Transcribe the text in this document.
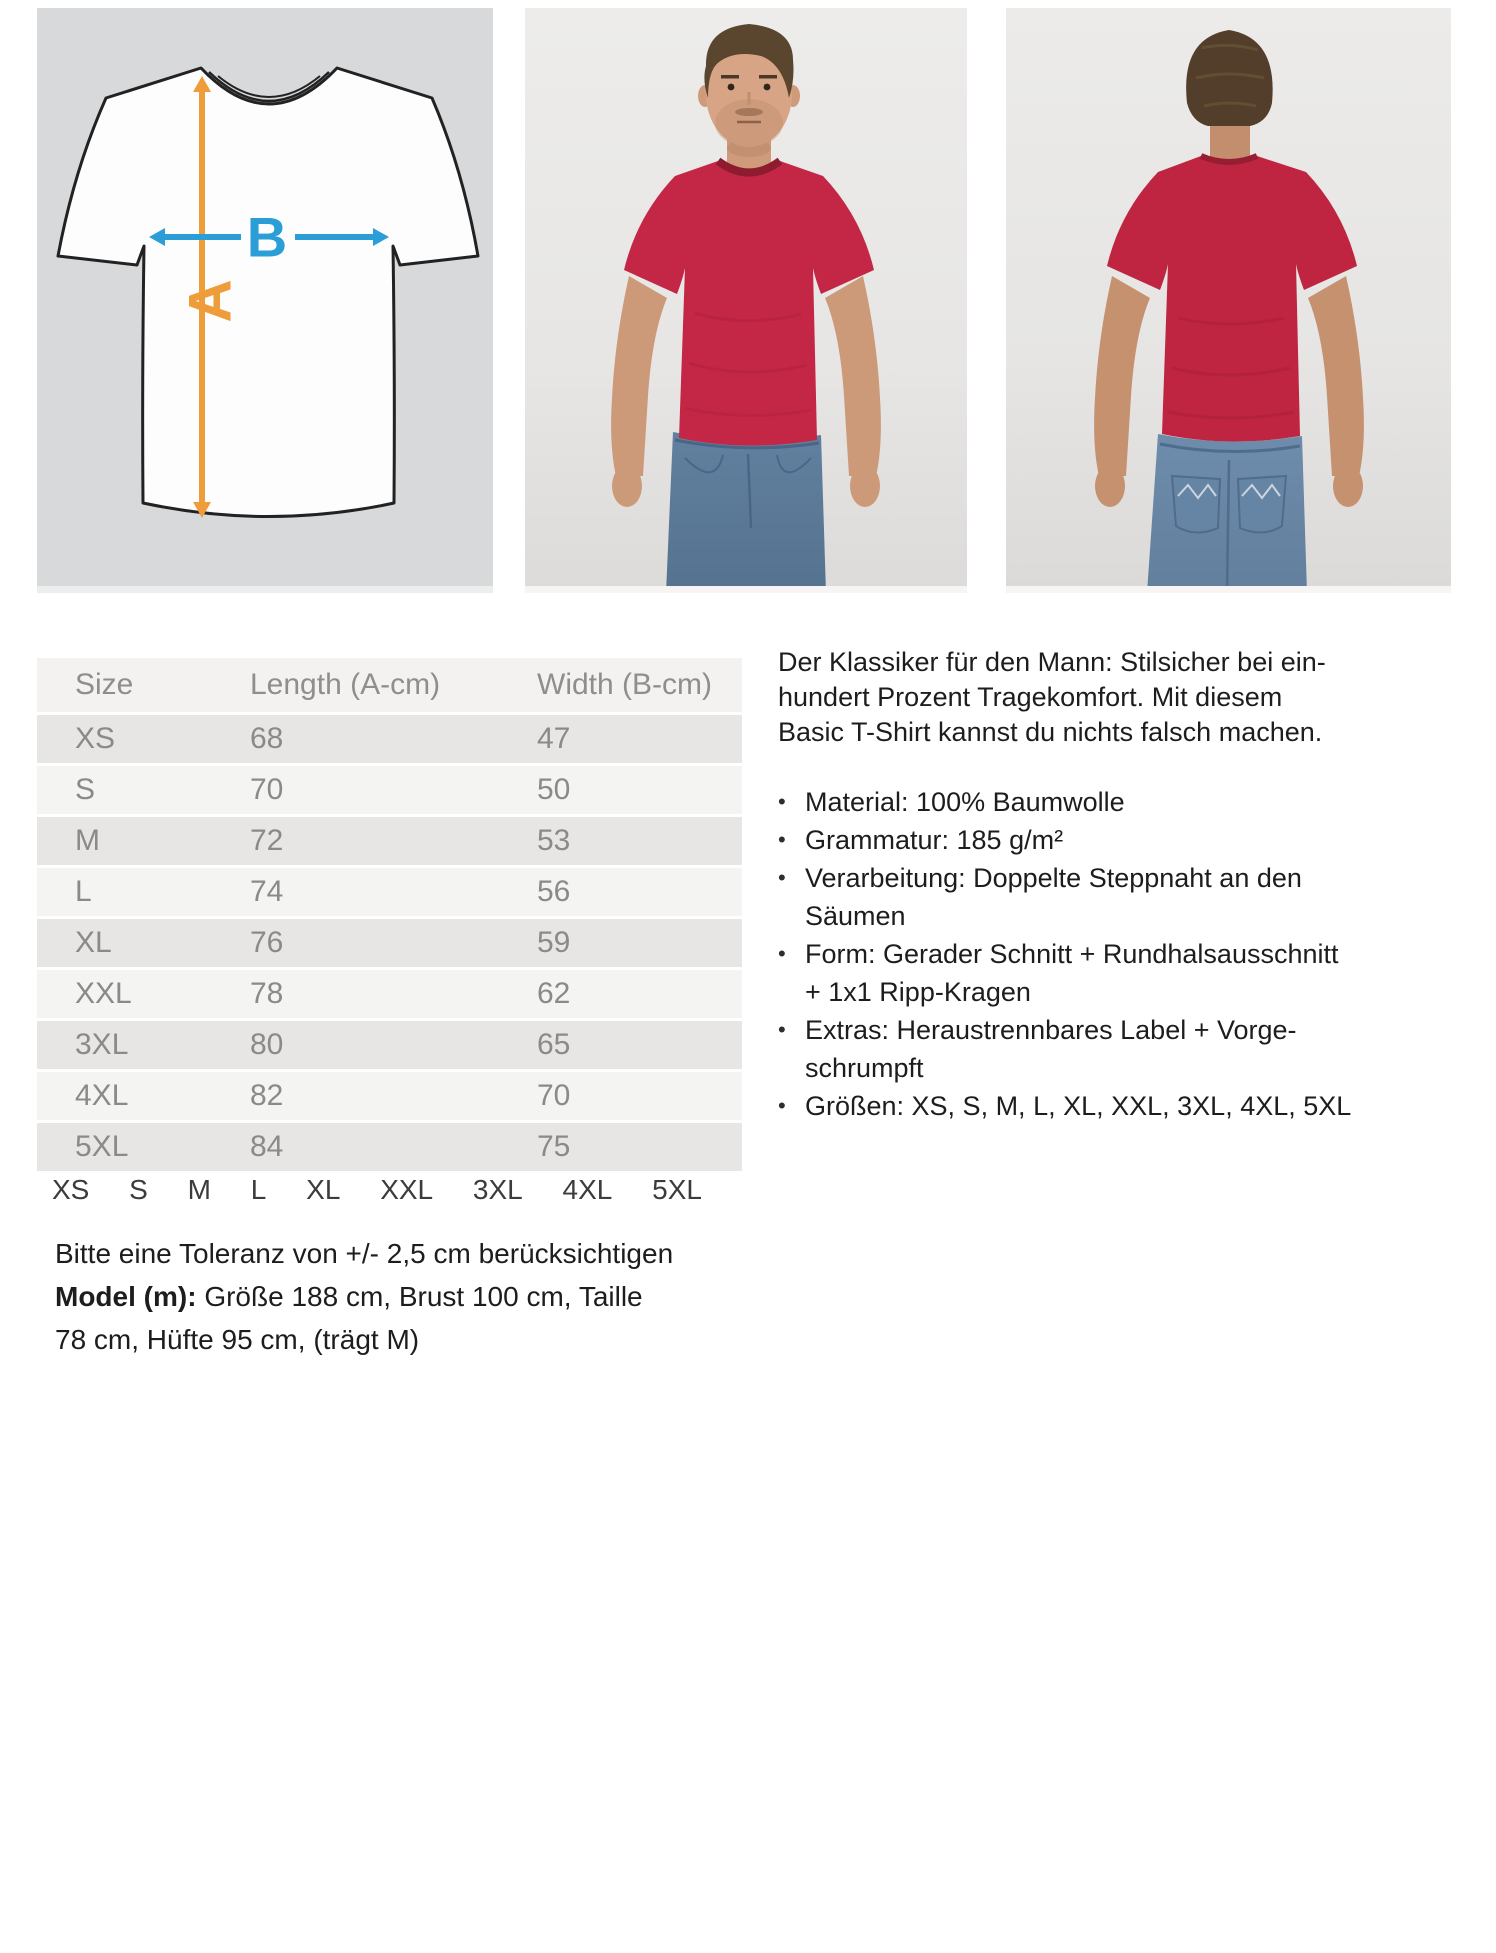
A
B
Size	Length (A-cm)	Width (B-cm)
XS	68	47
S	70	50
M	72	53
L	74	56
XL	76	59
XXL	78	62
3XL	80	65
4XL	82	70
5XL	84	75
XS S M L XL XXL 3XL 4XL 5XL
Der Klassiker für den Mann: Stilsicher bei ein-
hundert Prozent Tragekomfort. Mit diesem
Basic T-Shirt kannst du nichts falsch machen.
• Material: 100% Baumwolle
• Grammatur: 185 g/m²
• Verarbeitung: Doppelte Steppnaht an den
Säumen
• Form: Gerader Schnitt + Rundhalsausschnitt
+ 1x1 Ripp-Kragen
• Extras: Heraustrennbares Label + Vorge-
schrumpft
• Größen: XS, S, M, L, XL, XXL, 3XL, 4XL, 5XL
Bitte eine Toleranz von +/- 2,5 cm berücksichtigen
Model (m): Größe 188 cm, Brust 100 cm, Taille
78 cm, Hüfte 95 cm, (trägt M)
